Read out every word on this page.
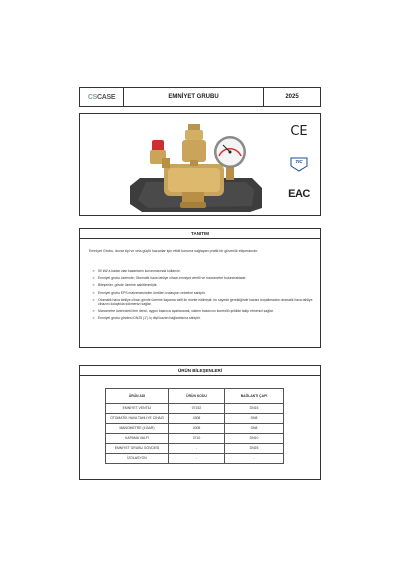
CS CASE	EMNİYET GRUBU	2025
CE
TIC
EAC
TANITIM
Emniyet Grubu, duvar tipi ve orta güçlü kazanlar için etkili koruma sağlayan pratik bir güvenlik ekipmanıdır.
➢ 50 kW a kadar olan kazanların korunmasında kullanılır.
➢ Emniyet grubu üzerinde; Otomatik hava tahliye cihazı,emniyet ventili ve manometre bulunmaktadır.
➢ Bileşenler, gövde üzerine sabitlenmiştir.
➢ Emniyet grubu EPS malzemesinden üretilen izolasyon ceketine sahiptir.
➢ Otomatik hava tahliye cihazı gövde üzerine kapama valfi ile monte edilmiştir, bu sayede gerektiğinde kazanı boşaltmadan otomatik hava tahliye cihazını kolaylıkla sökmenizi sağlar.
➢ Manometre üzerindeki ibre ilerisi; uygun basınca ayarlanarak, sistem basıncını kontrollü şekilde takip etmenizi sağlar.
➢ Emniyet grubu gövdesi DN25 (1") iç dişli kazan bağlantısına sahiptir.
ÜRÜN BİLEŞENLERİ
ÜRÜN ADI	ÜRÜN KODU	BAĞLANTI ÇAPI
EMNİYET VENTİLİ	07152	DN15
OTOMATİK HAVA TAHLİYE CİHAZI	4308	DN8
MANOMETRE (4 BAR)	4008	DN8
KAPAMA VALFİ	3710	DN10
EMNİYET GRUBU GÖVDESİ	-	DN25
İZOLASYON	-	-
